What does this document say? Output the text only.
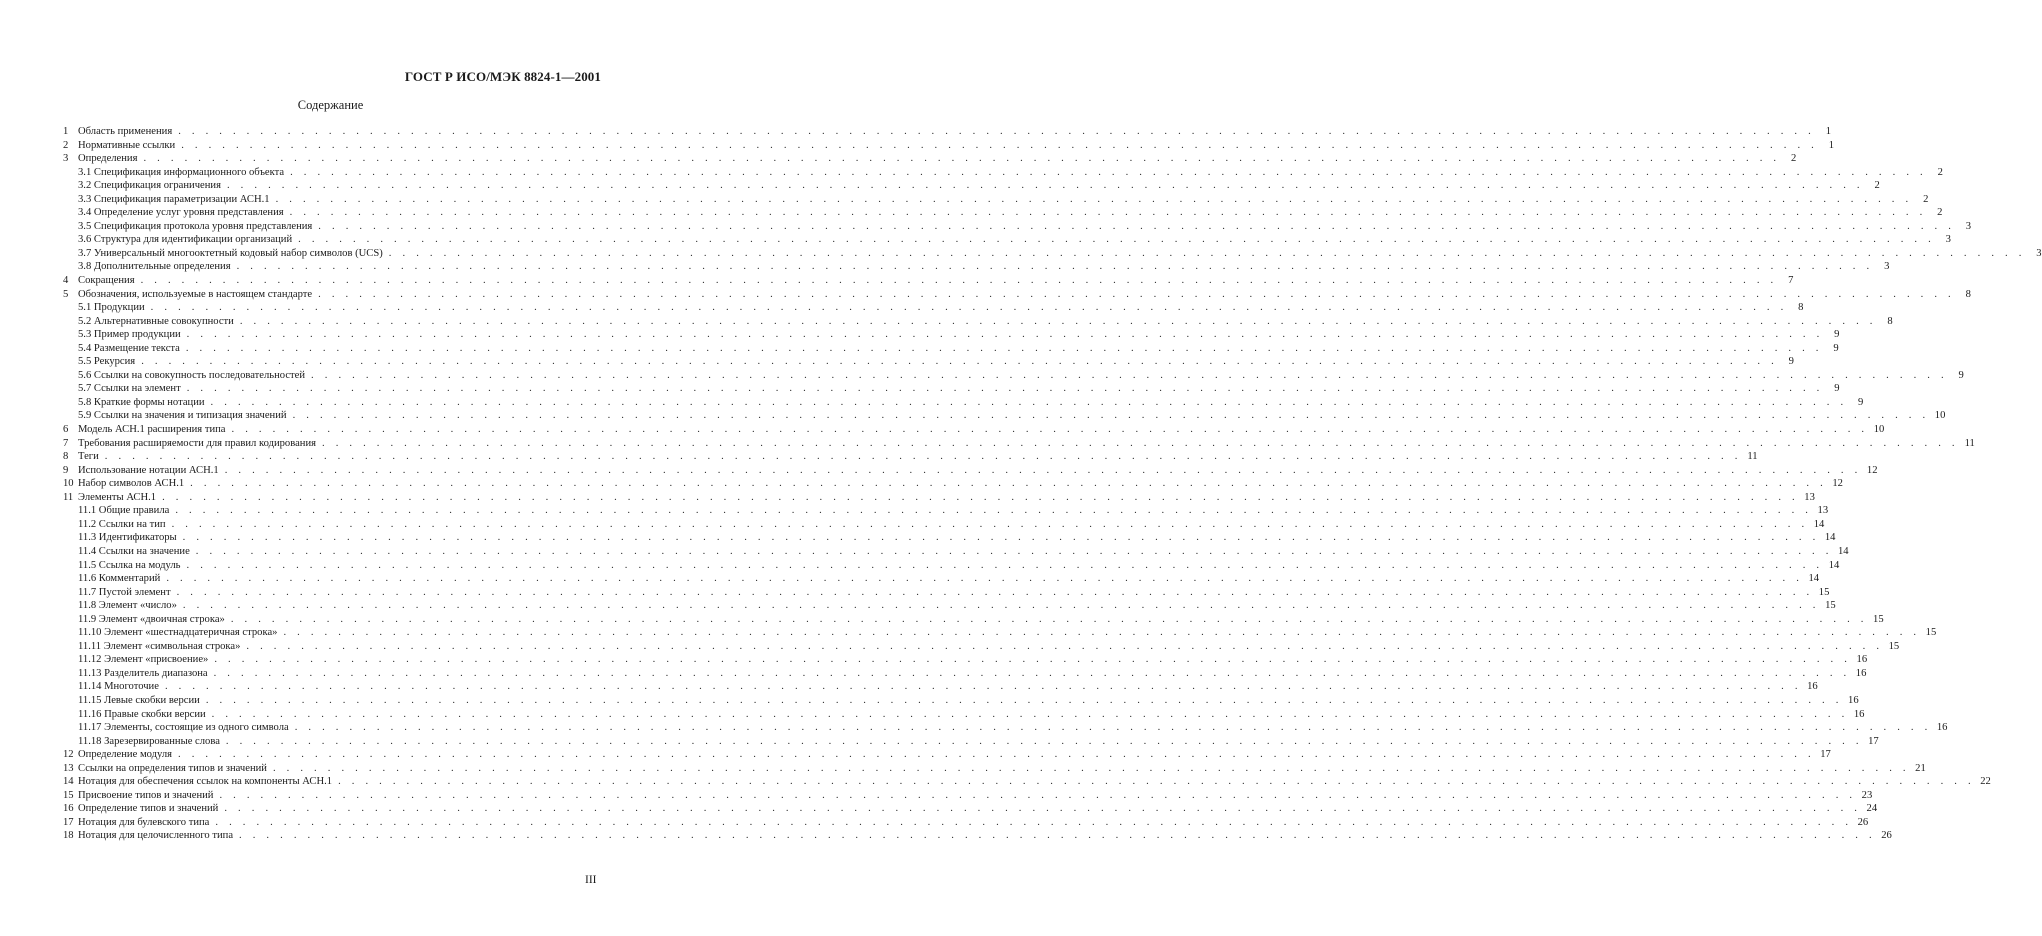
ГОСТ Р ИСО/МЭК 8824-1—2001
Содержание
1 Область применения . . . . . . . . . . . . . . . . . . . . . . . . . . . . . . . . . . . . . . . . . . . . . . . . . . . . . . . . . . . . . . . . . . . . . . . . . . . . . . . . . . . . . . . . . . . . . . . . . . . . . . . . . . . . . . . . . . . . . . . .	1
2 Нормативные ссылки . . . . . . . . . . . . . . . . . . . . . . . . . . . . . . . . . . . . . . . . . . . . . . . . . . . . . . . . . . . . . . . . . . . . . . . . . . . . . . . . . . . . . . . . . . . . . . . . . . . . . . . . . . . . . . . . . . . . . . . .	1
3 Определения . . . . . . . . . . . . . . . . . . . . . . . . . . . . . . . . . . . . . . . . . . . . . . . . . . . . . . . . . . . . . . . . . . . . . . . . . . . . . . . . . . . . . . . . . . . . . . . . . . . . . . . . . . . . . . . . . . . . . . . .	2
3.1 Спецификация информационного объекта . . . . . . . . . . . . . . . . . . . . . . . . . . . . . . . . . . . . . . . . . . . . . . . . . . . . . . . . . . . . . . . . . . . . . . . . . . . . . . . . . . . . . . . . . . . . . . . . . . . . . . . . . . . . . . . . . . . . . . . .	2
3.2 Спецификация ограничения . . . . . . . . . . . . . . . . . . . . . . . . . . . . . . . . . . . . . . . . . . . . . . . . . . . . . . . . . . . . . . . . . . . . . . . . . . . . . . . . . . . . . . . . . . . . . . . . . . . . . . . . . . . . . . . . . . . . . . . .	2
3.3 Спецификация параметризации АСН.1 . . . . . . . . . . . . . . . . . . . . . . . . . . . . . . . . . . . . . . . . . . . . . . . . . . . . . . . . . . . . . . . . . . . . . . . . . . . . . . . . . . . . . . . . . . . . . . . . . . . . . . . . . . . . . . . . . . . . . . . .	2
3.4 Определение услуг уровня представления . . . . . . . . . . . . . . . . . . . . . . . . . . . . . . . . . . . . . . . . . . . . . . . . . . . . . . . . . . . . . . . . . . . . . . . . . . . . . . . . . . . . . . . . . . . . . . . . . . . . . . . . . . . . . . . . . . . . . . . .	2
3.5 Спецификация протокола уровня представления . . . . . . . . . . . . . . . . . . . . . . . . . . . . . . . . . . . . . . . . . . . . . . . . . . . . . . . . . . . . . . . . . . . . . . . . . . . . . . . . . . . . . . . . . . . . . . . . . . . . . . . . . . . . . . . . . . . . . . . .	3
3.6 Структура для идентификации организаций . . . . . . . . . . . . . . . . . . . . . . . . . . . . . . . . . . . . . . . . . . . . . . . . . . . . . . . . . . . . . . . . . . . . . . . . . . . . . . . . . . . . . . . . . . . . . . . . . . . . . . . . . . . . . . . . . . . . . . . .	3
3.7 Универсальный многооктетный кодовый набор символов (UCS) . . . . . . . . . . . . . . . . . . . . . . . . . . . . . . . . . . . . . . . . . . . . . . . . . . . . . . . . . . . . . . . . . . . . . . . . . . . . . . . . . . . . . . . . . . . . . . . . . . . . . . . . . . . . . . . . . . . . . . . .	3
3.8 Дополнительные определения . . . . . . . . . . . . . . . . . . . . . . . . . . . . . . . . . . . . . . . . . . . . . . . . . . . . . . . . . . . . . . . . . . . . . . . . . . . . . . . . . . . . . . . . . . . . . . . . . . . . . . . . . . . . . . . . . . . . . . . .	3
4 Сокращения . . . . . . . . . . . . . . . . . . . . . . . . . . . . . . . . . . . . . . . . . . . . . . . . . . . . . . . . . . . . . . . . . . . . . . . . . . . . . . . . . . . . . . . . . . . . . . . . . . . . . . . . . . . . . . . . . . . . . . . .	7
5 Обозначения, используемые в настоящем стандарте . . . . . . . . . . . . . . . . . . . . . . . . . . . . . . . . . . . . . . . . . . . . . . . . . . . . . . . . . . . . . . . . . . . . . . . . . . . . . . . . . . . . . . . . . . . . . . . . . . . . . . . . . . . . . . . . . . . . . . . .	8
5.1 Продукции . . . . . . . . . . . . . . . . . . . . . . . . . . . . . . . . . . . . . . . . . . . . . . . . . . . . . . . . . . . . . . . . . . . . . . . . . . . . . . . . . . . . . . . . . . . . . . . . . . . . . . . . . . . . . . . . . . . . . . . .	8
5.2 Альтернативные совокупности . . . . . . . . . . . . . . . . . . . . . . . . . . . . . . . . . . . . . . . . . . . . . . . . . . . . . . . . . . . . . . . . . . . . . . . . . . . . . . . . . . . . . . . . . . . . . . . . . . . . . . . . . . . . . . . . . . . . . . . .	8
5.3 Пример продукции . . . . . . . . . . . . . . . . . . . . . . . . . . . . . . . . . . . . . . . . . . . . . . . . . . . . . . . . . . . . . . . . . . . . . . . . . . . . . . . . . . . . . . . . . . . . . . . . . . . . . . . . . . . . . . . . . . . . . . . .	9
5.4 Размещение текста . . . . . . . . . . . . . . . . . . . . . . . . . . . . . . . . . . . . . . . . . . . . . . . . . . . . . . . . . . . . . . . . . . . . . . . . . . . . . . . . . . . . . . . . . . . . . . . . . . . . . . . . . . . . . . . . . . . . . . . .	9
5.5 Рекурсия . . . . . . . . . . . . . . . . . . . . . . . . . . . . . . . . . . . . . . . . . . . . . . . . . . . . . . . . . . . . . . . . . . . . . . . . . . . . . . . . . . . . . . . . . . . . . . . . . . . . . . . . . . . . . . . . . . . . . . . .	9
5.6 Ссылки на совокупность последовательностей . . . . . . . . . . . . . . . . . . . . . . . . . . . . . . . . . . . . . . . . . . . . . . . . . . . . . . . . . . . . . . . . . . . . . . . . . . . . . . . . . . . . . . . . . . . . . . . . . . . . . . . . . . . . . . . . . . . . . . . .	9
5.7 Ссылки на элемент . . . . . . . . . . . . . . . . . . . . . . . . . . . . . . . . . . . . . . . . . . . . . . . . . . . . . . . . . . . . . . . . . . . . . . . . . . . . . . . . . . . . . . . . . . . . . . . . . . . . . . . . . . . . . . . . . . . . . . . .	9
5.8 Краткие формы нотации . . . . . . . . . . . . . . . . . . . . . . . . . . . . . . . . . . . . . . . . . . . . . . . . . . . . . . . . . . . . . . . . . . . . . . . . . . . . . . . . . . . . . . . . . . . . . . . . . . . . . . . . . . . . . . . . . . . . . . . .	9
5.9 Ссылки на значения и типизация значений . . . . . . . . . . . . . . . . . . . . . . . . . . . . . . . . . . . . . . . . . . . . . . . . . . . . . . . . . . . . . . . . . . . . . . . . . . . . . . . . . . . . . . . . . . . . . . . . . . . . . . . . . . . . . . . . . . . . . . . . 10
6 Модель АСН.1 расширения типа . . . . . . . . . . . . . . . . . . . . . . . . . . . . . . . . . . . . . . . . . . . . . . . . . . . . . . . . . . . . . . . . . . . . . . . . . . . . . . . . . . . . . . . . . . . . . . . . . . . . . . . . . . . . . . . . . . . . . . . . 10
7 Требования расширяемости для правил кодирования . . . . . . . . . . . . . . . . . . . . . . . . . . . . . . . . . . . . . . . . . . . . . . . . . . . . . . . . . . . . . . . . . . . . . . . . . . . . . . . . . . . . . . . . . . . . . . . . . . . . . . . . . . . . . . . . . . . . . . . . 11
8 Теги . . . . . . . . . . . . . . . . . . . . . . . . . . . . . . . . . . . . . . . . . . . . . . . . . . . . . . . . . . . . . . . . . . . . . . . . . . . . . . . . . . . . . . . . . . . . . . . . . . . . . . . . . . . . . . . . . . . . . . . . 11
9 Использование нотации АСН.1 . . . . . . . . . . . . . . . . . . . . . . . . . . . . . . . . . . . . . . . . . . . . . . . . . . . . . . . . . . . . . . . . . . . . . . . . . . . . . . . . . . . . . . . . . . . . . . . . . . . . . . . . . . . . . . . . . . . . . . . . 12
10 Набор символов АСН.1 . . . . . . . . . . . . . . . . . . . . . . . . . . . . . . . . . . . . . . . . . . . . . . . . . . . . . . . . . . . . . . . . . . . . . . . . . . . . . . . . . . . . . . . . . . . . . . . . . . . . . . . . . . . . . . . . . . . . . . . . 12
11 Элементы АСН.1 . . . . . . . . . . . . . . . . . . . . . . . . . . . . . . . . . . . . . . . . . . . . . . . . . . . . . . . . . . . . . . . . . . . . . . . . . . . . . . . . . . . . . . . . . . . . . . . . . . . . . . . . . . . . . . . . . . . . . . . . 13
11.1 Общие правила . . . . . . . . . . . . . . . . . . . . . . . . . . . . . . . . . . . . . . . . . . . . . . . . . . . . . . . . . . . . . . . . . . . . . . . . . . . . . . . . . . . . . . . . . . . . . . . . . . . . . . . . . . . . . . . . . . . . . . . . 13
11.2 Ссылки на тип . . . . . . . . . . . . . . . . . . . . . . . . . . . . . . . . . . . . . . . . . . . . . . . . . . . . . . . . . . . . . . . . . . . . . . . . . . . . . . . . . . . . . . . . . . . . . . . . . . . . . . . . . . . . . . . . . . . . . . . . 14
11.3 Идентификаторы . . . . . . . . . . . . . . . . . . . . . . . . . . . . . . . . . . . . . . . . . . . . . . . . . . . . . . . . . . . . . . . . . . . . . . . . . . . . . . . . . . . . . . . . . . . . . . . . . . . . . . . . . . . . . . . . . . . . . . . . 14
11.4 Ссылки на значение . . . . . . . . . . . . . . . . . . . . . . . . . . . . . . . . . . . . . . . . . . . . . . . . . . . . . . . . . . . . . . . . . . . . . . . . . . . . . . . . . . . . . . . . . . . . . . . . . . . . . . . . . . . . . . . . . . . . . . . . 14
11.5 Ссылка на модуль . . . . . . . . . . . . . . . . . . . . . . . . . . . . . . . . . . . . . . . . . . . . . . . . . . . . . . . . . . . . . . . . . . . . . . . . . . . . . . . . . . . . . . . . . . . . . . . . . . . . . . . . . . . . . . . . . . . . . . . . 14
11.6 Комментарий . . . . . . . . . . . . . . . . . . . . . . . . . . . . . . . . . . . . . . . . . . . . . . . . . . . . . . . . . . . . . . . . . . . . . . . . . . . . . . . . . . . . . . . . . . . . . . . . . . . . . . . . . . . . . . . . . . . . . . . . 14
11.7 Пустой элемент . . . . . . . . . . . . . . . . . . . . . . . . . . . . . . . . . . . . . . . . . . . . . . . . . . . . . . . . . . . . . . . . . . . . . . . . . . . . . . . . . . . . . . . . . . . . . . . . . . . . . . . . . . . . . . . . . . . . . . . . 15
11.8 Элемент «число» . . . . . . . . . . . . . . . . . . . . . . . . . . . . . . . . . . . . . . . . . . . . . . . . . . . . . . . . . . . . . . . . . . . . . . . . . . . . . . . . . . . . . . . . . . . . . . . . . . . . . . . . . . . . . . . . . . . . . . . . 15
11.9 Элемент «двоичная строка» . . . . . . . . . . . . . . . . . . . . . . . . . . . . . . . . . . . . . . . . . . . . . . . . . . . . . . . . . . . . . . . . . . . . . . . . . . . . . . . . . . . . . . . . . . . . . . . . . . . . . . . . . . . . . . . . . . . . . . . . 15
11.10 Элемент «шестнадцатеричная строка» . . . . . . . . . . . . . . . . . . . . . . . . . . . . . . . . . . . . . . . . . . . . . . . . . . . . . . . . . . . . . . . . . . . . . . . . . . . . . . . . . . . . . . . . . . . . . . . . . . . . . . . . . . . . . . . . . . . . . . . . 15
11.11 Элемент «символьная строка» . . . . . . . . . . . . . . . . . . . . . . . . . . . . . . . . . . . . . . . . . . . . . . . . . . . . . . . . . . . . . . . . . . . . . . . . . . . . . . . . . . . . . . . . . . . . . . . . . . . . . . . . . . . . . . . . . . . . . . . . 15
11.12 Элемент «присвоение» . . . . . . . . . . . . . . . . . . . . . . . . . . . . . . . . . . . . . . . . . . . . . . . . . . . . . . . . . . . . . . . . . . . . . . . . . . . . . . . . . . . . . . . . . . . . . . . . . . . . . . . . . . . . . . . . . . . . . . . . 16
11.13 Разделитель диапазона . . . . . . . . . . . . . . . . . . . . . . . . . . . . . . . . . . . . . . . . . . . . . . . . . . . . . . . . . . . . . . . . . . . . . . . . . . . . . . . . . . . . . . . . . . . . . . . . . . . . . . . . . . . . . . . . . . . . . . . . 16
11.14 Многоточие . . . . . . . . . . . . . . . . . . . . . . . . . . . . . . . . . . . . . . . . . . . . . . . . . . . . . . . . . . . . . . . . . . . . . . . . . . . . . . . . . . . . . . . . . . . . . . . . . . . . . . . . . . . . . . . . . . . . . . . . 16
11.15 Левые скобки версии . . . . . . . . . . . . . . . . . . . . . . . . . . . . . . . . . . . . . . . . . . . . . . . . . . . . . . . . . . . . . . . . . . . . . . . . . . . . . . . . . . . . . . . . . . . . . . . . . . . . . . . . . . . . . . . . . . . . . . . . 16
11.16 Правые скобки версии . . . . . . . . . . . . . . . . . . . . . . . . . . . . . . . . . . . . . . . . . . . . . . . . . . . . . . . . . . . . . . . . . . . . . . . . . . . . . . . . . . . . . . . . . . . . . . . . . . . . . . . . . . . . . . . . . . . . . . . . 16
11.17 Элементы, состоящие из одного символа . . . . . . . . . . . . . . . . . . . . . . . . . . . . . . . . . . . . . . . . . . . . . . . . . . . . . . . . . . . . . . . . . . . . . . . . . . . . . . . . . . . . . . . . . . . . . . . . . . . . . . . . . . . . . . . . . . . . . . . . 16
11.18 Зарезервированные слова . . . . . . . . . . . . . . . . . . . . . . . . . . . . . . . . . . . . . . . . . . . . . . . . . . . . . . . . . . . . . . . . . . . . . . . . . . . . . . . . . . . . . . . . . . . . . . . . . . . . . . . . . . . . . . . . . . . . . . . . 17
12 Определение модуля . . . . . . . . . . . . . . . . . . . . . . . . . . . . . . . . . . . . . . . . . . . . . . . . . . . . . . . . . . . . . . . . . . . . . . . . . . . . . . . . . . . . . . . . . . . . . . . . . . . . . . . . . . . . . . . . . . . . . . . . 17
13 Ссылки на определения типов и значений . . . . . . . . . . . . . . . . . . . . . . . . . . . . . . . . . . . . . . . . . . . . . . . . . . . . . . . . . . . . . . . . . . . . . . . . . . . . . . . . . . . . . . . . . . . . . . . . . . . . . . . . . . . . . . . . . . . . . . . . 21
14 Нотация для обеспечения ссылок на компоненты АСН.1 . . . . . . . . . . . . . . . . . . . . . . . . . . . . . . . . . . . . . . . . . . . . . . . . . . . . . . . . . . . . . . . . . . . . . . . . . . . . . . . . . . . . . . . . . . . . . . . . . . . . . . . . . . . . . . . . . . . . . . . . 22
15 Присвоение типов и значений . . . . . . . . . . . . . . . . . . . . . . . . . . . . . . . . . . . . . . . . . . . . . . . . . . . . . . . . . . . . . . . . . . . . . . . . . . . . . . . . . . . . . . . . . . . . . . . . . . . . . . . . . . . . . . . . . . . . . . . . 23
16 Определение типов и значений . . . . . . . . . . . . . . . . . . . . . . . . . . . . . . . . . . . . . . . . . . . . . . . . . . . . . . . . . . . . . . . . . . . . . . . . . . . . . . . . . . . . . . . . . . . . . . . . . . . . . . . . . . . . . . . . . . . . . . . . 24
17 Нотация для булевского типа . . . . . . . . . . . . . . . . . . . . . . . . . . . . . . . . . . . . . . . . . . . . . . . . . . . . . . . . . . . . . . . . . . . . . . . . . . . . . . . . . . . . . . . . . . . . . . . . . . . . . . . . . . . . . . . . . . . . . . . . 26
18 Нотация для целочисленного типа . . . . . . . . . . . . . . . . . . . . . . . . . . . . . . . . . . . . . . . . . . . . . . . . . . . . . . . . . . . . . . . . . . . . . . . . . . . . . . . . . . . . . . . . . . . . . . . . . . . . . . . . . . . . . . . . . . . . . . . . 26
III
